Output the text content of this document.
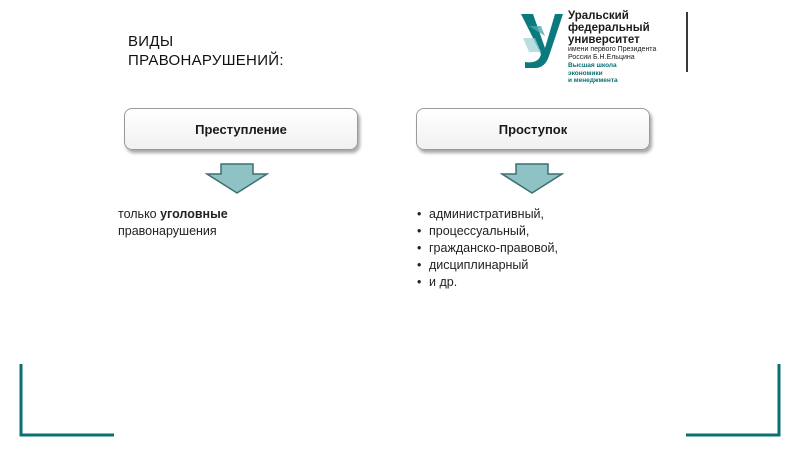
ВИДЫ
ПРАВОНАРУШЕНИЙ:
Уральский
федеральный
университет
имени первого Президента
России Б.Н.Ельцина
Высшая школа
экономики
и менеджмента
Преступление	Проступок
только уголовные
правонарушения
• административный,
• процессуальный,
• гражданско-правовой,
• дисциплинарный
• и др.
